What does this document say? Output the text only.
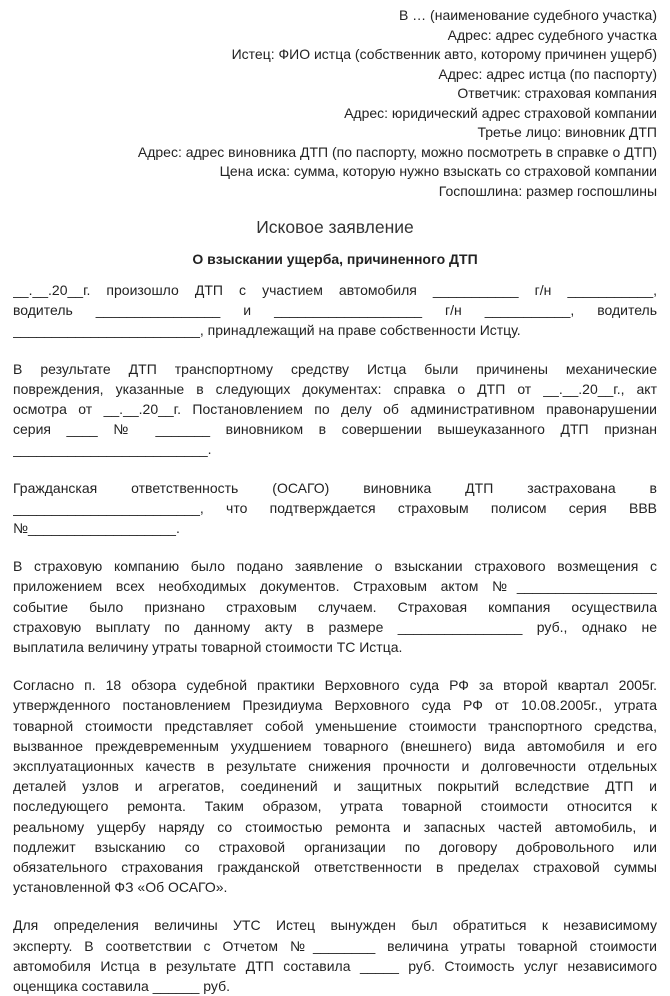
В … (наименование судебного участка)
Адрес: адрес судебного участка
Истец: ФИО истца (собственник авто, которому причинен ущерб)
Адрес: адрес истца (по паспорту)
Ответчик: страховая компания
Адрес: юридический адрес страховой компании
Третье лицо: виновник ДТП
Адрес: адрес виновника ДТП (по паспорту, можно посмотреть в справке о ДТП)
Цена иска: сумма, которую нужно взыскать со страховой компании
Госпошлина: размер госпошлины
Исковое заявление
О взыскании ущерба, причиненного ДТП
__.__.20__г. произошло ДТП с участием автомобиля ___________ г/н ___________,
водитель ________________ и ___________________ г/н ___________, водитель
________________________, принадлежащий на праве собственности Истцу.
В результате ДТП транспортному средству Истца были причинены механические
повреждения, указанные в следующих документах: справка о ДТП от __.__.20__г., акт
осмотра от __.__.20__г. Постановлением по делу об административном правонарушении
серия ____ № _______ виновником в совершении вышеуказанного ДТП признан
_________________________.
Гражданская ответственность (ОСАГО) виновника ДТП застрахована в
________________________, что подтверждается страховым полисом серия ВВВ
№___________________.
В страховую компанию было подано заявление о взыскании страхового возмещения с
приложением всех необходимых документов. Страховым актом №__________________
событие было признано страховым случаем. Страховая компания осуществила
страховую выплату по данному акту в размере ________________ руб., однако не
выплатила величину утраты товарной стоимости ТС Истца.
Согласно п. 18 обзора судебной практики Верховного суда РФ за второй квартал 2005г.
утвержденного постановлением Президиума Верховного суда РФ от 10.08.2005г., утрата
товарной стоимости представляет собой уменьшение стоимости транспортного средства,
вызванное преждевременным ухудшением товарного (внешнего) вида автомобиля и его
эксплуатационных качеств в результате снижения прочности и долговечности отдельных
деталей узлов и агрегатов, соединений и защитных покрытий вследствие ДТП и
последующего ремонта. Таким образом, утрата товарной стоимости относится к
реальному ущербу наряду со стоимостью ремонта и запасных частей автомобиль, и
подлежит взысканию со страховой организации по договору добровольного или
обязательного страхования гражданской ответственности в пределах страховой суммы
установленной ФЗ «Об ОСАГО».
Для определения величины УТС Истец вынужден был обратиться к независимому
эксперту. В соответствии с Отчетом №________ величина утраты товарной стоимости
автомобиля Истца в результате ДТП составила _____ руб. Стоимость услуг независимого
оценщика составила ______ руб.
